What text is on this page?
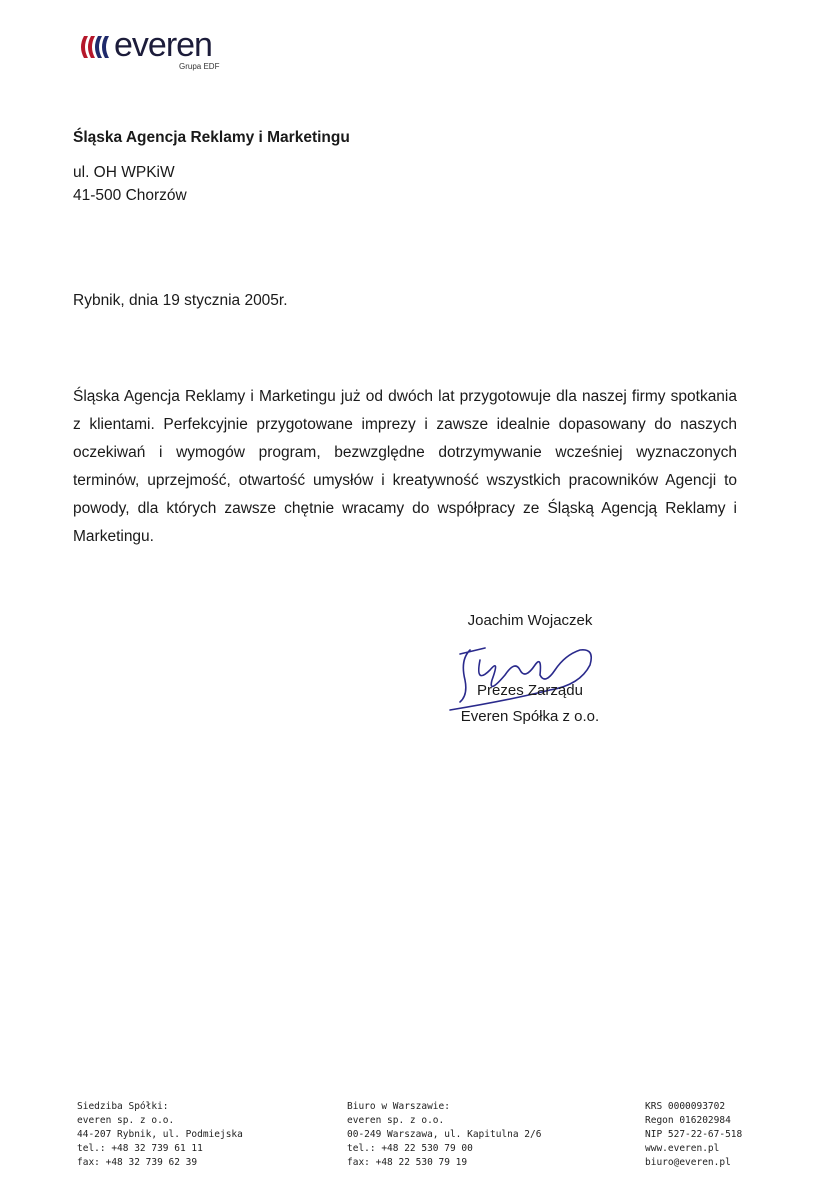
everen
Grupa EDF
Śląska Agencja Reklamy i Marketingu
ul. OH WPKiW
41-500 Chorzów
Rybnik, dnia 19 stycznia 2005r.
Śląska Agencja Reklamy i Marketingu już od dwóch lat przygotowuje dla naszej firmy spotkania z klientami. Perfekcyjnie przygotowane imprezy i zawsze idealnie dopasowany do naszych oczekiwań i wymogów program, bezwzględne dotrzymywanie wcześniej wyznaczonych terminów, uprzejmość, otwartość umysłów i kreatywność wszystkich pracowników Agencji to powody, dla których zawsze chętnie wracamy do współpracy ze Śląską Agencją Reklamy i Marketingu.
Joachim Wojaczek
Prezes Zarządu
Everen Spółka z o.o.
Siedziba Spółki:
everen sp. z o.o.
44-207 Rybnik, ul. Podmiejska
tel.: +48 32 739 61 11
fax: +48 32 739 62 39
Biuro w Warszawie:
everen sp. z o.o.
00-249 Warszawa, ul. Kapitulna 2/6
tel.: +48 22 530 79 00
fax: +48 22 530 79 19
KRS 0000093702
Regon 016202984
NIP 527-22-67-518
www.everen.pl
biuro@everen.pl
